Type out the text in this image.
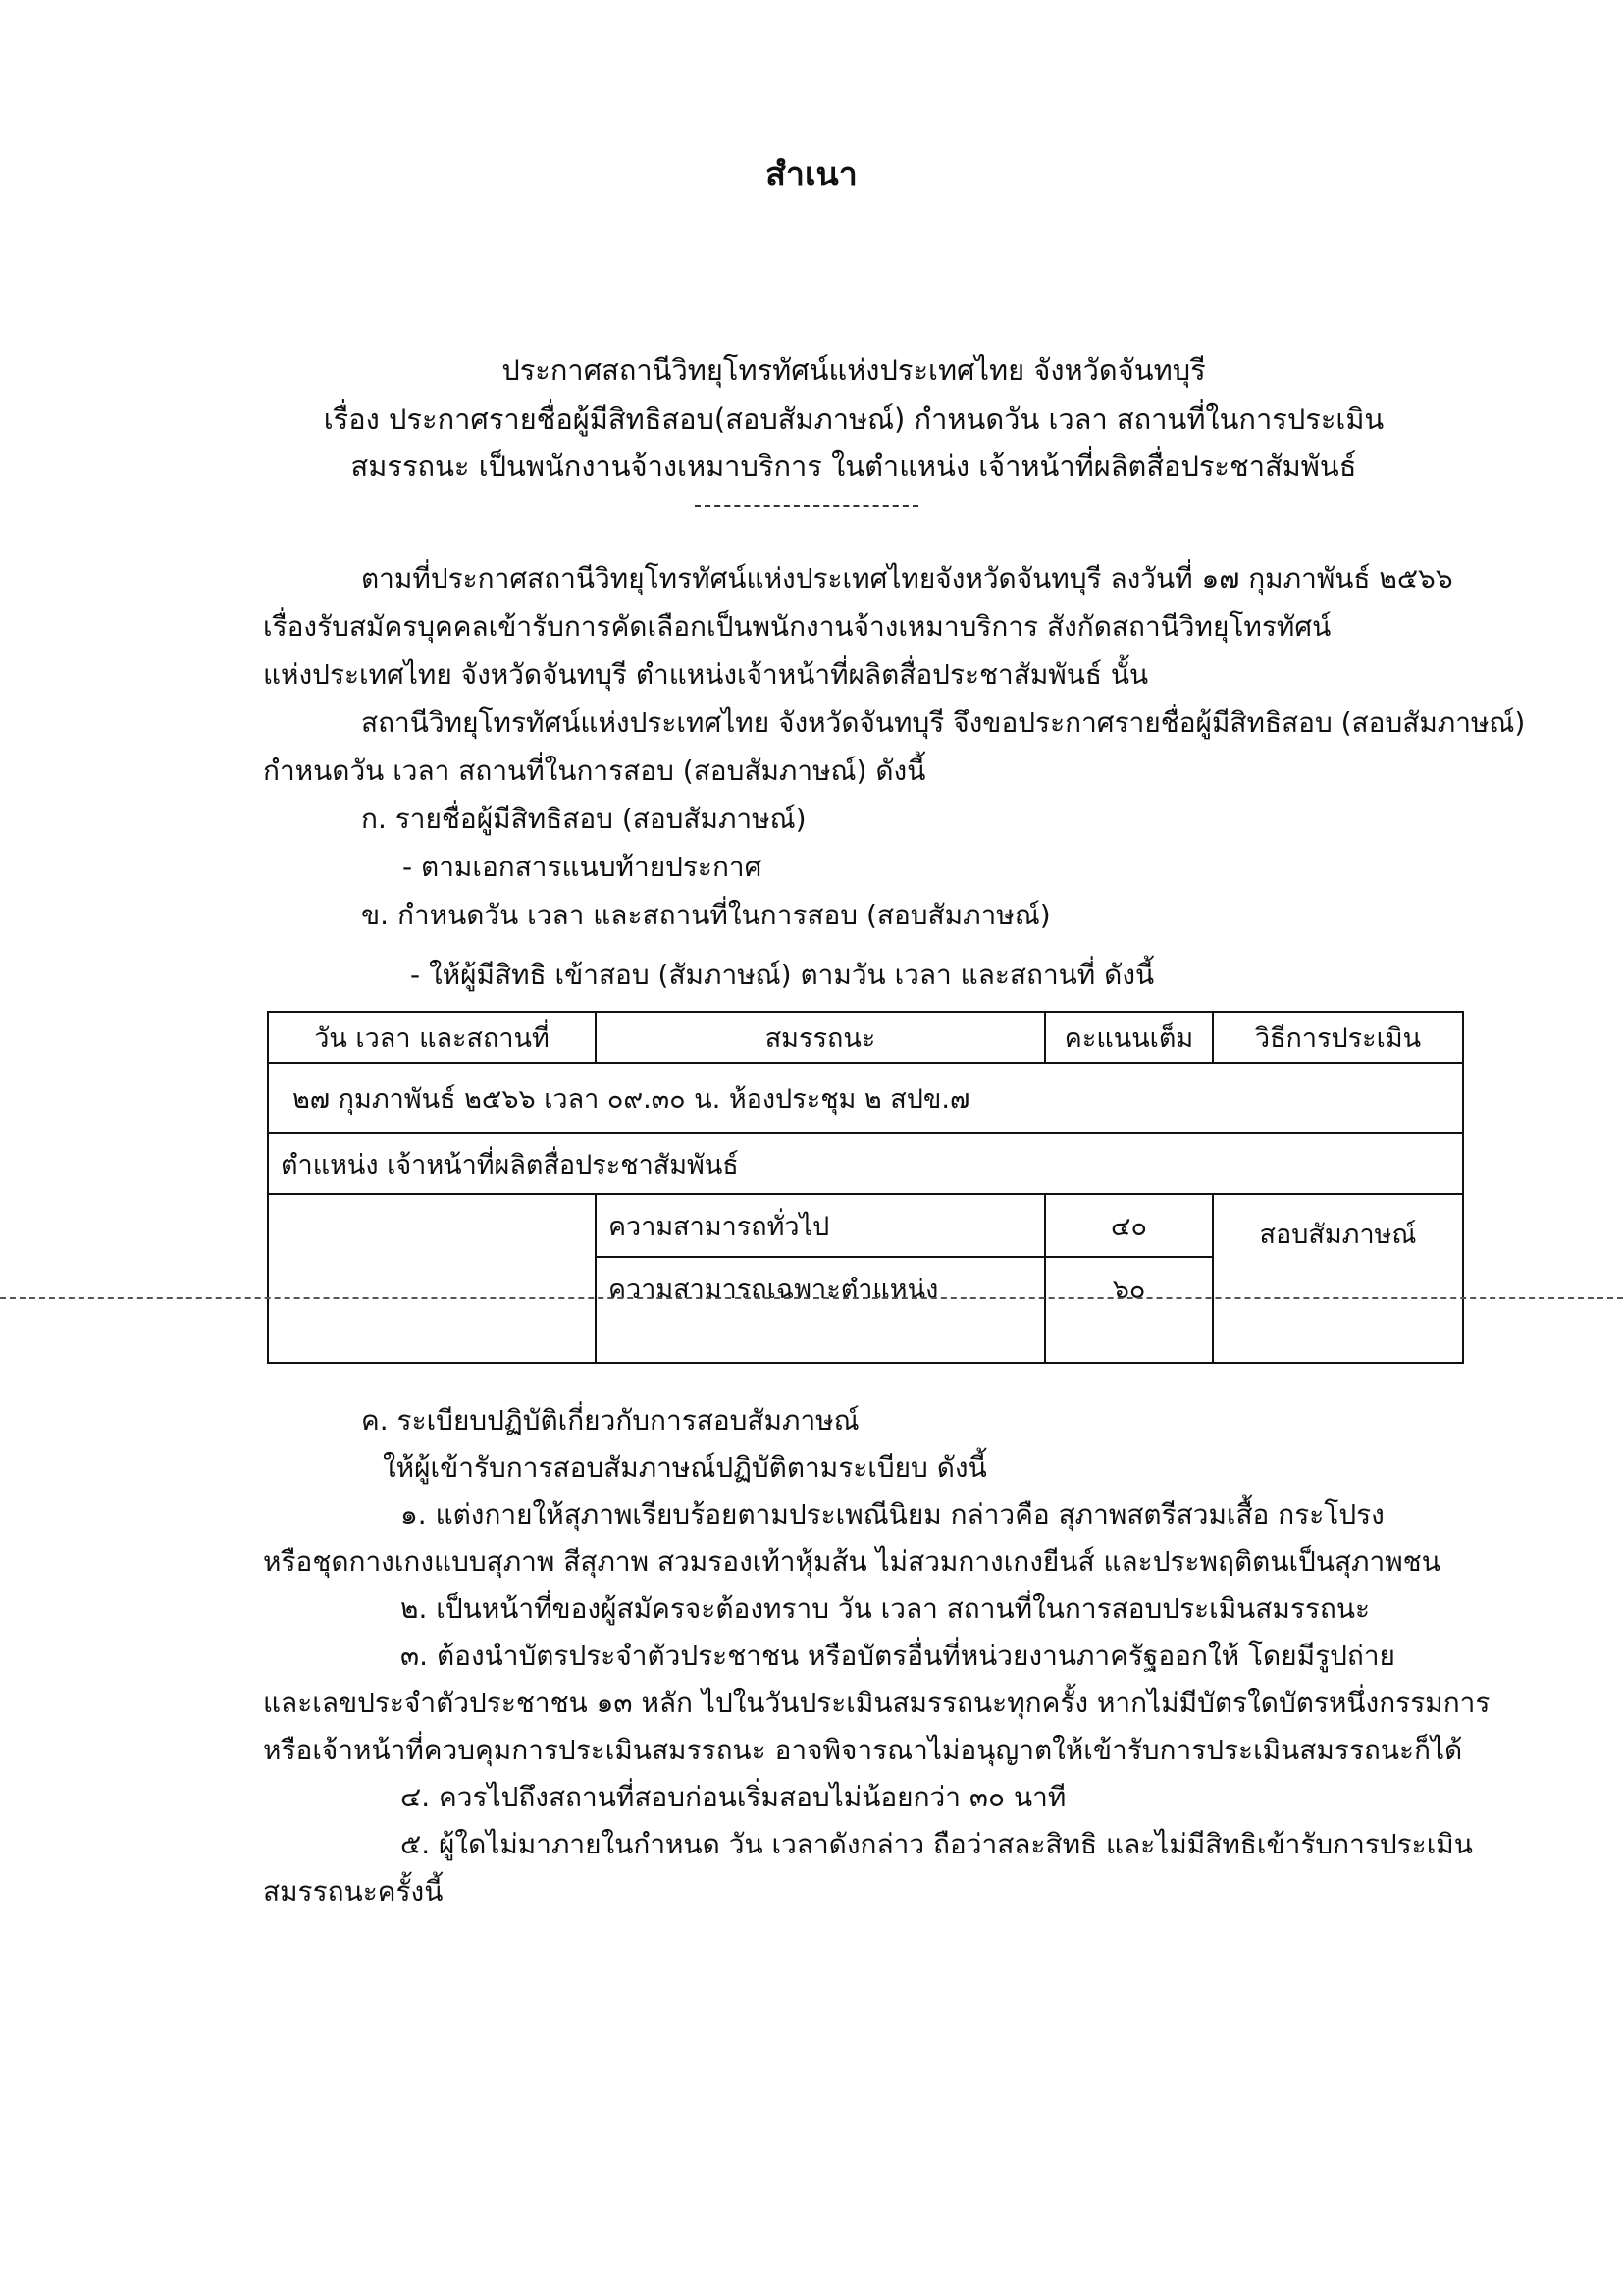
สำเนา
ประกาศสถานีวิทยุโทรทัศน์แห่งประเทศไทย จังหวัดจันทบุรี
เรื่อง ประกาศรายชื่อผู้มีสิทธิสอบ(สอบสัมภาษณ์) กำหนดวัน เวลา สถานที่ในการประเมิน
สมรรถนะ เป็นพนักงานจ้างเหมาบริการ ในตำแหน่ง เจ้าหน้าที่ผลิตสื่อประชาสัมพันธ์
ตามที่ประกาศสถานีวิทยุโทรทัศน์แห่งประเทศไทยจังหวัดจันทบุรี ลงวันที่ ๑๗ กุมภาพันธ์ ๒๕๖๖
เรื่องรับสมัครบุคคลเข้ารับการคัดเลือกเป็นพนักงานจ้างเหมาบริการ สังกัดสถานีวิทยุโทรทัศน์
แห่งประเทศไทย จังหวัดจันทบุรี ตำแหน่งเจ้าหน้าที่ผลิตสื่อประชาสัมพันธ์ นั้น
สถานีวิทยุโทรทัศน์แห่งประเทศไทย จังหวัดจันทบุรี จึงขอประกาศรายชื่อผู้มีสิทธิสอบ (สอบสัมภาษณ์)
กำหนดวัน เวลา สถานที่ในการสอบ (สอบสัมภาษณ์) ดังนี้
ก. รายชื่อผู้มีสิทธิสอบ (สอบสัมภาษณ์)
- ตามเอกสารแนบท้ายประกาศ
ข. กำหนดวัน เวลา และสถานที่ในการสอบ (สอบสัมภาษณ์)
- ให้ผู้มีสิทธิ เข้าสอบ (สัมภาษณ์) ตามวัน เวลา และสถานที่ ดังนี้
วัน เวลา และสถานที่	สมรรถนะ	คะแนนเต็ม	วิธีการประเมิน
๒๗ กุมภาพันธ์ ๒๕๖๖ เวลา ๐๙.๓๐ น. ห้องประชุม ๒ สปข.๗			
ตำแหน่ง เจ้าหน้าที่ผลิตสื่อประชาสัมพันธ์			
	ความสามารถทั่วไป	๔๐	สอบสัมภาษณ์
	ความสามารถเฉพาะตำแหน่ง	๖๐	
ค. ระเบียบปฏิบัติเกี่ยวกับการสอบสัมภาษณ์
ให้ผู้เข้ารับการสอบสัมภาษณ์ปฏิบัติตามระเบียบ ดังนี้
๑. แต่งกายให้สุภาพเรียบร้อยตามประเพณีนิยม กล่าวคือ สุภาพสตรีสวมเสื้อ กระโปรง
หรือชุดกางเกงแบบสุภาพ สีสุภาพ สวมรองเท้าหุ้มส้น ไม่สวมกางเกงยีนส์ และประพฤติตนเป็นสุภาพชน
๒. เป็นหน้าที่ของผู้สมัครจะต้องทราบ วัน เวลา สถานที่ในการสอบประเมินสมรรถนะ
๓. ต้องนำบัตรประจำตัวประชาชน หรือบัตรอื่นที่หน่วยงานภาครัฐออกให้ โดยมีรูปถ่าย
และเลขประจำตัวประชาชน ๑๓ หลัก ไปในวันประเมินสมรรถนะทุกครั้ง หากไม่มีบัตรใดบัตรหนึ่งกรรมการ
หรือเจ้าหน้าที่ควบคุมการประเมินสมรรถนะ อาจพิจารณาไม่อนุญาตให้เข้ารับการประเมินสมรรถนะก็ได้
๔. ควรไปถึงสถานที่สอบก่อนเริ่มสอบไม่น้อยกว่า ๓๐ นาที
๕. ผู้ใดไม่มาภายในกำหนด วัน เวลาดังกล่าว ถือว่าสละสิทธิ และไม่มีสิทธิเข้ารับการประเมิน
สมรรถนะครั้งนี้
